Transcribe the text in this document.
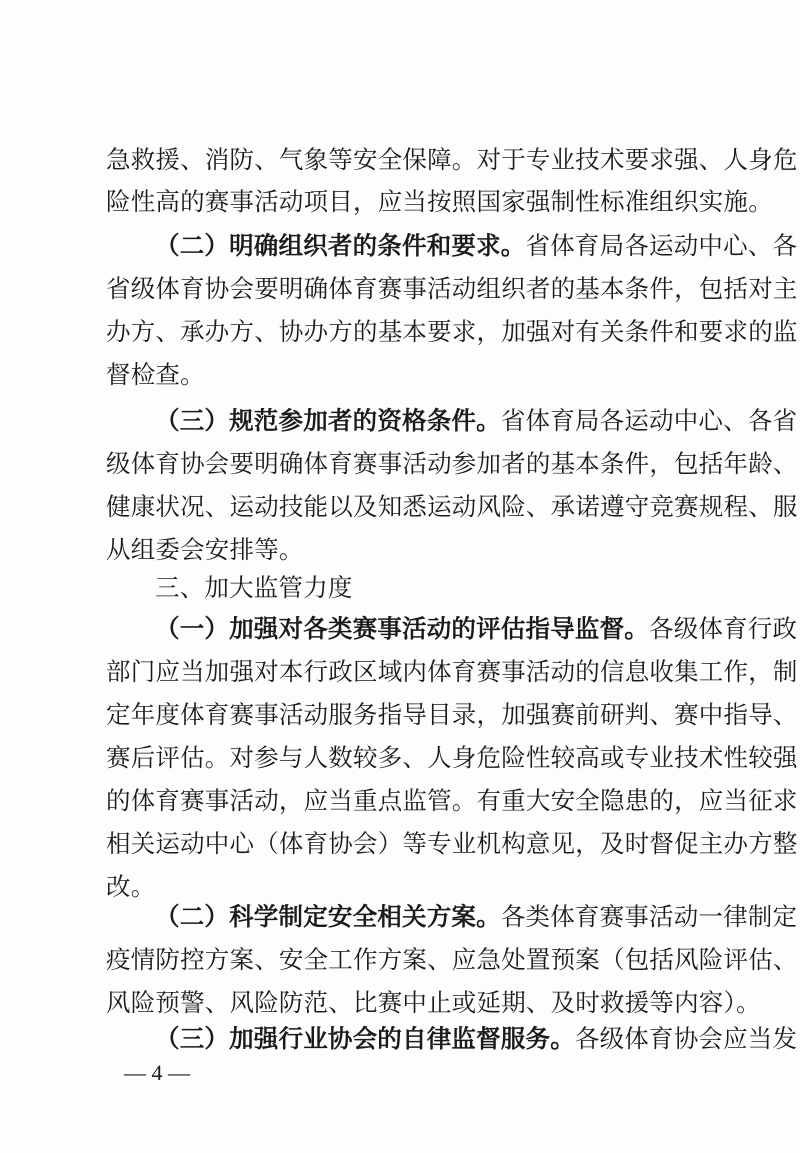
急救援、消防、气象等安全保障。对于专业技术要求强、人身危
险性高的赛事活动项目，应当按照国家强制性标准组织实施。
（二）明确组织者的条件和要求。省体育局各运动中心、各
省级体育协会要明确体育赛事活动组织者的基本条件，包括对主
办方、承办方、协办方的基本要求，加强对有关条件和要求的监
督检查。
（三）规范参加者的资格条件。省体育局各运动中心、各省
级体育协会要明确体育赛事活动参加者的基本条件，包括年龄、
健康状况、运动技能以及知悉运动风险、承诺遵守竞赛规程、服
从组委会安排等。
三、加大监管力度
（一）加强对各类赛事活动的评估指导监督。各级体育行政
部门应当加强对本行政区域内体育赛事活动的信息收集工作，制
定年度体育赛事活动服务指导目录，加强赛前研判、赛中指导、
赛后评估。对参与人数较多、人身危险性较高或专业技术性较强
的体育赛事活动，应当重点监管。有重大安全隐患的，应当征求
相关运动中心（体育协会）等专业机构意见，及时督促主办方整
改。
（二）科学制定安全相关方案。各类体育赛事活动一律制定
— 4 —
疫情防控方案、安全工作方案、应急处置预案（包括风险评估、
风险预警、风险防范、比赛中止或延期、及时救援等内容）。
（三）加强行业协会的自律监督服务。各级体育协会应当发
